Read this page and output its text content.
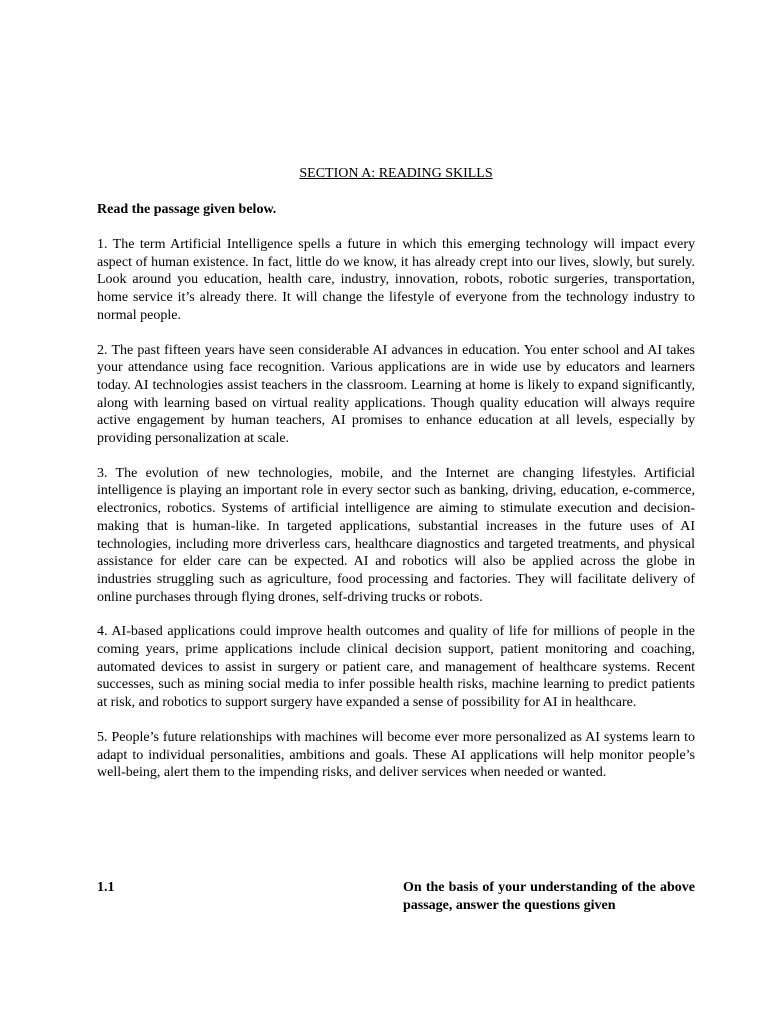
SECTION A: READING SKILLS

Read the passage given below.

1. The term Artificial Intelligence spells a future in which this emerging technology will impact every aspect of human existence. In fact, little do we know, it has already crept into our lives, slowly, but surely. Look around you education, health care, industry, innovation, robots, robotic surgeries, transportation, home service it’s already there. It will change the lifestyle of everyone from the technology industry to normal people.

2. The past fifteen years have seen considerable AI advances in education. You enter school and AI takes your attendance using face recognition. Various applications are in wide use by educators and learners today. AI technologies assist teachers in the classroom. Learning at home is likely to expand significantly, along with learning based on virtual reality applications. Though quality education will always require active engagement by human teachers, AI promises to enhance education at all levels, especially by providing personalization at scale.

3. The evolution of new technologies, mobile, and the Internet are changing lifestyles. Artificial intelligence is playing an important role in every sector such as banking, driving, education, e-commerce, electronics, robotics. Systems of artificial intelligence are aiming to stimulate execution and decision-making that is human-like. In targeted applications, substantial increases in the future uses of AI technologies, including more driverless cars, healthcare diagnostics and targeted treatments, and physical assistance for elder care can be expected. AI and robotics will also be applied across the globe in industries struggling such as agriculture, food processing and factories. They will facilitate delivery of online purchases through flying drones, self-driving trucks or robots.

4. AI-based applications could improve health outcomes and quality of life for millions of people in the coming years, prime applications include clinical decision support, patient monitoring and coaching, automated devices to assist in surgery or patient care, and management of healthcare systems. Recent successes, such as mining social media to infer possible health risks, machine learning to predict patients at risk, and robotics to support surgery have expanded a sense of possibility for AI in healthcare.

5. People’s future relationships with machines will become ever more personalized as AI systems learn to adapt to individual personalities, ambitions and goals. These AI applications will help monitor people’s well-being, alert them to the impending risks, and deliver services when needed or wanted.

1.1	On the basis of your understanding of the above passage, answer the questions given
